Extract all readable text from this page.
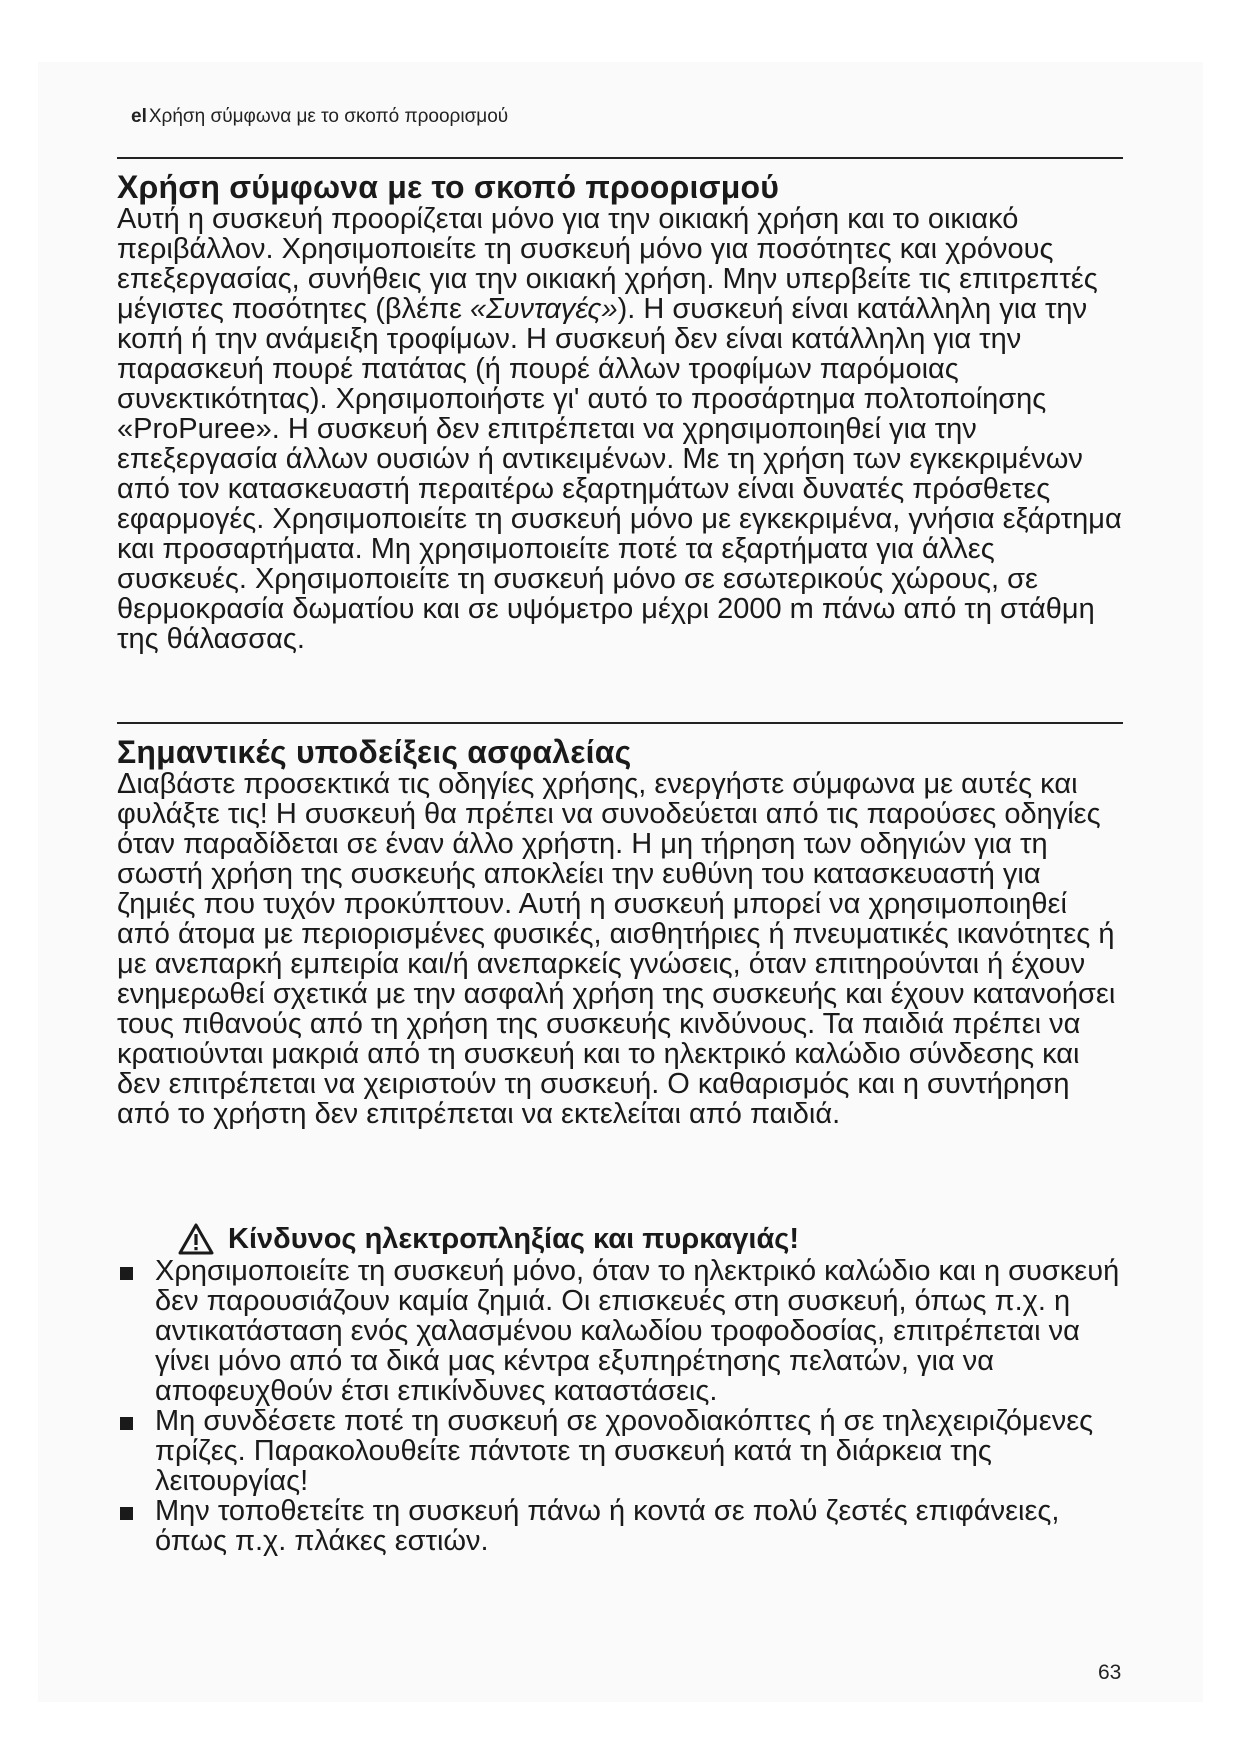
el Χρήση σύμφωνα με το σκοπό προορισμού
Χρήση σύμφωνα με το σκοπό προορισμού

Αυτή η συσκευή προορίζεται μόνο για την οικιακή χρήση και το οικιακό περιβάλλον. Χρησιμοποιείτε τη συσκευή μόνο για ποσότητες και χρόνους επεξεργασίας, συνήθεις για την οικιακή χρήση. Μην υπερβείτε τις επιτρεπτές μέγιστες ποσότητες (βλέπε «Συνταγές»). Η συσκευή είναι κατάλληλη για την κοπή ή την ανάμειξη τροφίμων. Η συσκευή δεν είναι κατάλληλη για την παρασκευή πουρέ πατάτας (ή πουρέ άλλων τροφίμων παρόμοιας συνεκτικότητας). Χρησιμοποιήστε γι' αυτό το προσάρτημα πολτοποίησης «ProPuree». Η συσκευή δεν επιτρέπεται να χρησιμοποιηθεί για την επεξεργασία άλλων ουσιών ή αντικειμένων. Με τη χρήση των εγκεκριμένων από τον κατασκευαστή περαιτέρω εξαρτημάτων είναι δυνατές πρόσθετες εφαρμογές. Χρησιμοποιείτε τη συσκευή μόνο με εγκεκριμένα, γνήσια εξάρτημα και προσαρτήματα. Μη χρησιμοποιείτε ποτέ τα εξαρτήματα για άλλες συσκευές. Χρησιμοποιείτε τη συσκευή μόνο σε εσωτερικούς χώρους, σε θερμοκρασία δωματίου και σε υψόμετρο μέχρι 2000 m πάνω από τη στάθμη της θάλασσας.

Σημαντικές υποδείξεις ασφαλείας

Διαβάστε προσεκτικά τις οδηγίες χρήσης, ενεργήστε σύμφωνα με αυτές και φυλάξτε τις! Η συσκευή θα πρέπει να συνοδεύεται από τις παρούσες οδηγίες όταν παραδίδεται σε έναν άλλο χρήστη. Η μη τήρηση των οδηγιών για τη σωστή χρήση της συσκευής αποκλείει την ευθύνη του κατασκευαστή για ζημιές που τυχόν προκύπτουν. Αυτή η συσκευή μπορεί να χρησιμοποιηθεί από άτομα με περιορισμένες φυσικές, αισθητήριες ή πνευματικές ικανότητες ή με ανεπαρκή εμπειρία και/ή ανεπαρκείς γνώσεις, όταν επιτηρούνται ή έχουν ενημερωθεί σχετικά με την ασφαλή χρήση της συσκευής και έχουν κατανοήσει τους πιθανούς από τη χρήση της συσκευής κινδύνους. Τα παιδιά πρέπει να κρατιούνται μακριά από τη συσκευή και το ηλεκτρικό καλώδιο σύνδεσης και δεν επιτρέπεται να χειριστούν τη συσκευή. Ο καθαρισμός και η συντήρηση από το χρήστη δεν επιτρέπεται να εκτελείται από παιδιά.

Κίνδυνος ηλεκτροπληξίας και πυρκαγιάς!
Χρησιμοποιείτε τη συσκευή μόνο, όταν το ηλεκτρικό καλώδιο και η συσκευή δεν παρουσιάζουν καμία ζημιά. Οι επισκευές στη συσκευή, όπως π.χ. η αντικατάσταση ενός χαλασμένου καλωδίου τροφοδοσίας, επιτρέπεται να γίνει μόνο από τα δικά μας κέντρα εξυπηρέτησης πελατών, για να αποφευχθούν έτσι επικίνδυνες καταστάσεις.
Μη συνδέσετε ποτέ τη συσκευή σε χρονοδιακόπτες ή σε τηλεχειριζόμενες πρίζες. Παρακολουθείτε πάντοτε τη συσκευή κατά τη διάρκεια της λειτουργίας!
Μην τοποθετείτε τη συσκευή πάνω ή κοντά σε πολύ ζεστές επιφάνειες, όπως π.χ. πλάκες εστιών.
63
